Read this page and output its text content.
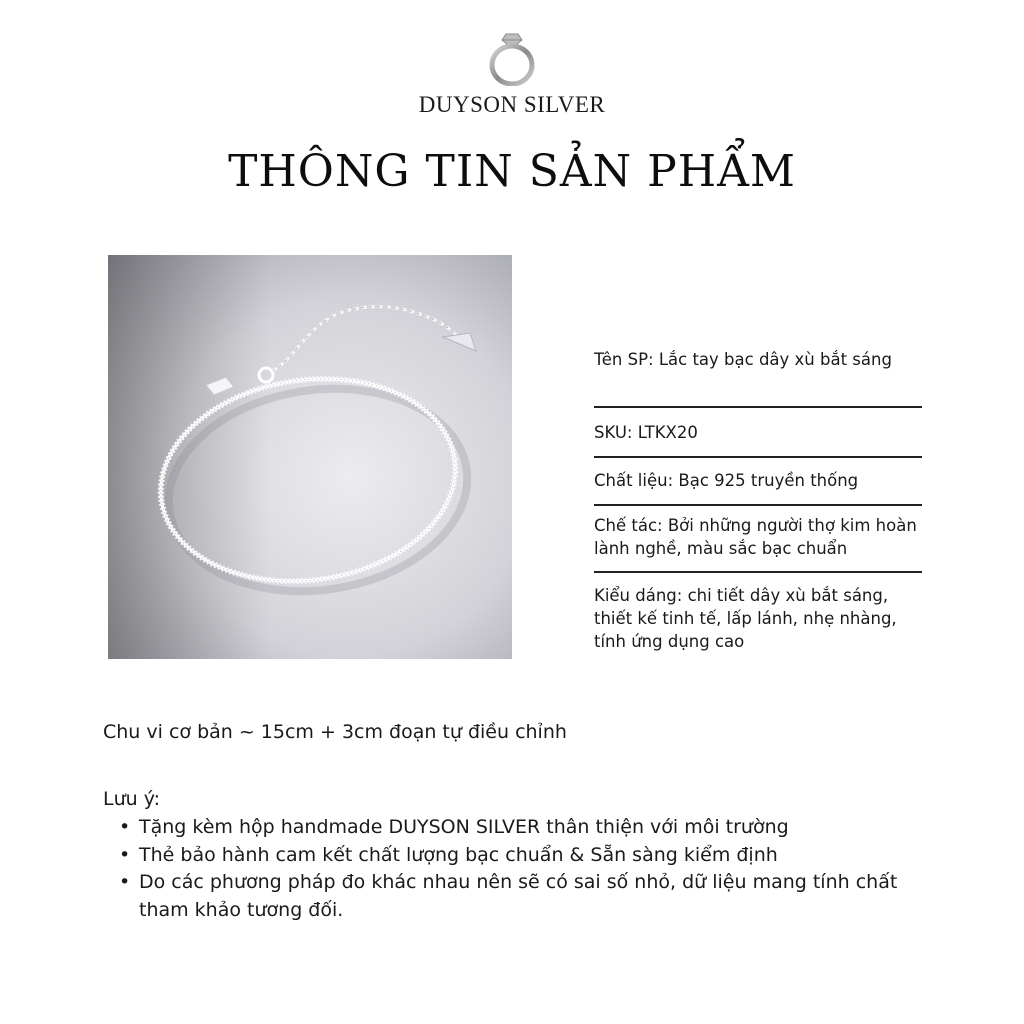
DUYSON SILVER
THÔNG TIN SẢN PHẨM
Tên SP: Lắc tay bạc dây xù bắt sáng
SKU: LTKX20
Chất liệu: Bạc 925 truyền thống
Chế tác: Bởi những người thợ kim hoàn lành nghề, màu sắc bạc chuẩn
Kiểu dáng: chi tiết dây xù bắt sáng, thiết kế tinh tế, lấp lánh, nhẹ nhàng, tính ứng dụng cao
Chu vi cơ bản ~ 15cm + 3cm đoạn tự điều chỉnh
Lưu ý:
• Tặng kèm hộp handmade DUYSON SILVER thân thiện với môi trường
• Thẻ bảo hành cam kết chất lượng bạc chuẩn & Sẵn sàng kiểm định
• Do các phương pháp đo khác nhau nên sẽ có sai số nhỏ, dữ liệu mang tính chất tham khảo tương đối.
